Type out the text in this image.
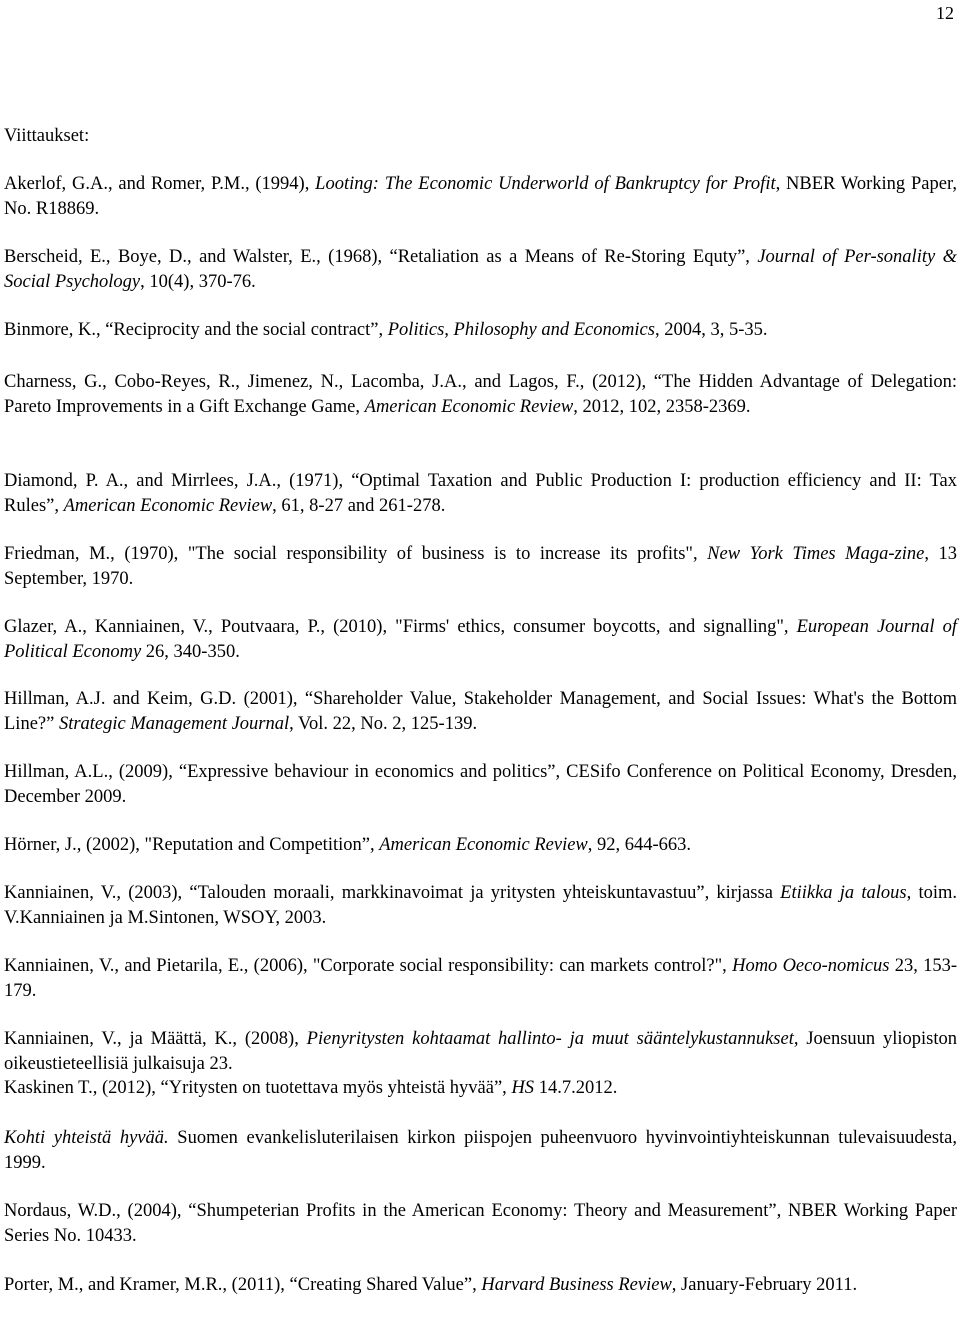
12
Viittaukset:

Akerlof, G.A., and Romer, P.M., (1994), Looting: The Economic Underworld of Bankruptcy for Profit, NBER Working Paper, No. R18869.

Berscheid, E., Boye, D., and Walster, E., (1968), “Retaliation as a Means of Re-Storing Equty”, Journal of Per-sonality & Social Psychology, 10(4), 370-76.

Binmore, K., “Reciprocity and the social contract”, Politics, Philosophy and Economics, 2004, 3, 5-35.

Charness, G., Cobo-Reyes, R., Jimenez, N., Lacomba, J.A., and Lagos, F., (2012), “The Hidden Advantage of Delegation: Pareto Improvements in a Gift Exchange Game, American Economic Review, 2012, 102, 2358-2369.

Diamond, P. A., and Mirrlees, J.A., (1971), “Optimal Taxation and Public Production I: production efficiency and II: Tax Rules”, American Economic Review, 61, 8-27 and 261-278.

Friedman, M., (1970), "The social responsibility of business is to increase its profits", New York Times Maga-zine, 13 September, 1970.

Glazer, A., Kanniainen, V., Poutvaara, P., (2010), "Firms' ethics, consumer boycotts, and signalling", European Journal of Political Economy 26, 340-350.

Hillman, A.J. and Keim, G.D. (2001), “Shareholder Value, Stakeholder Management, and Social Issues: What's the Bottom Line?” Strategic Management Journal, Vol. 22, No. 2, 125-139.

Hillman, A.L., (2009), “Expressive behaviour in economics and politics”, CESifo Conference on Political Economy, Dresden, December 2009.

Hörner, J., (2002), "Reputation and Competition”, American Economic Review, 92, 644-663.

Kanniainen, V., (2003), “Talouden moraali, markkinavoimat ja yritysten yhteiskuntavastuu”, kirjassa Etiikka ja talous, toim. V.Kanniainen ja M.Sintonen, WSOY, 2003.

Kanniainen, V., and Pietarila, E., (2006), "Corporate social responsibility: can markets control?", Homo Oeco-nomicus 23, 153-179.

Kanniainen, V., ja Määttä, K., (2008), Pienyritysten kohtaamat hallinto- ja muut sääntelykustannukset, Joensuun yliopiston oikeustieteellisiä julkaisuja 23.

Kaskinen T., (2012), “Yritysten on tuotettava myös yhteistä hyvää”, HS 14.7.2012.

Kohti yhteistä hyvää. Suomen evankelisluterilaisen kirkon piispojen puheenvuoro hyvinvointiyhteiskunnan tulevaisuudesta, 1999.

Nordaus, W.D., (2004), “Shumpeterian Profits in the American Economy: Theory and Measurement”, NBER Working Paper Series No. 10433.

Porter, M., and Kramer, M.R., (2011), “Creating Shared Value”, Harvard Business Review, January-February 2011.
